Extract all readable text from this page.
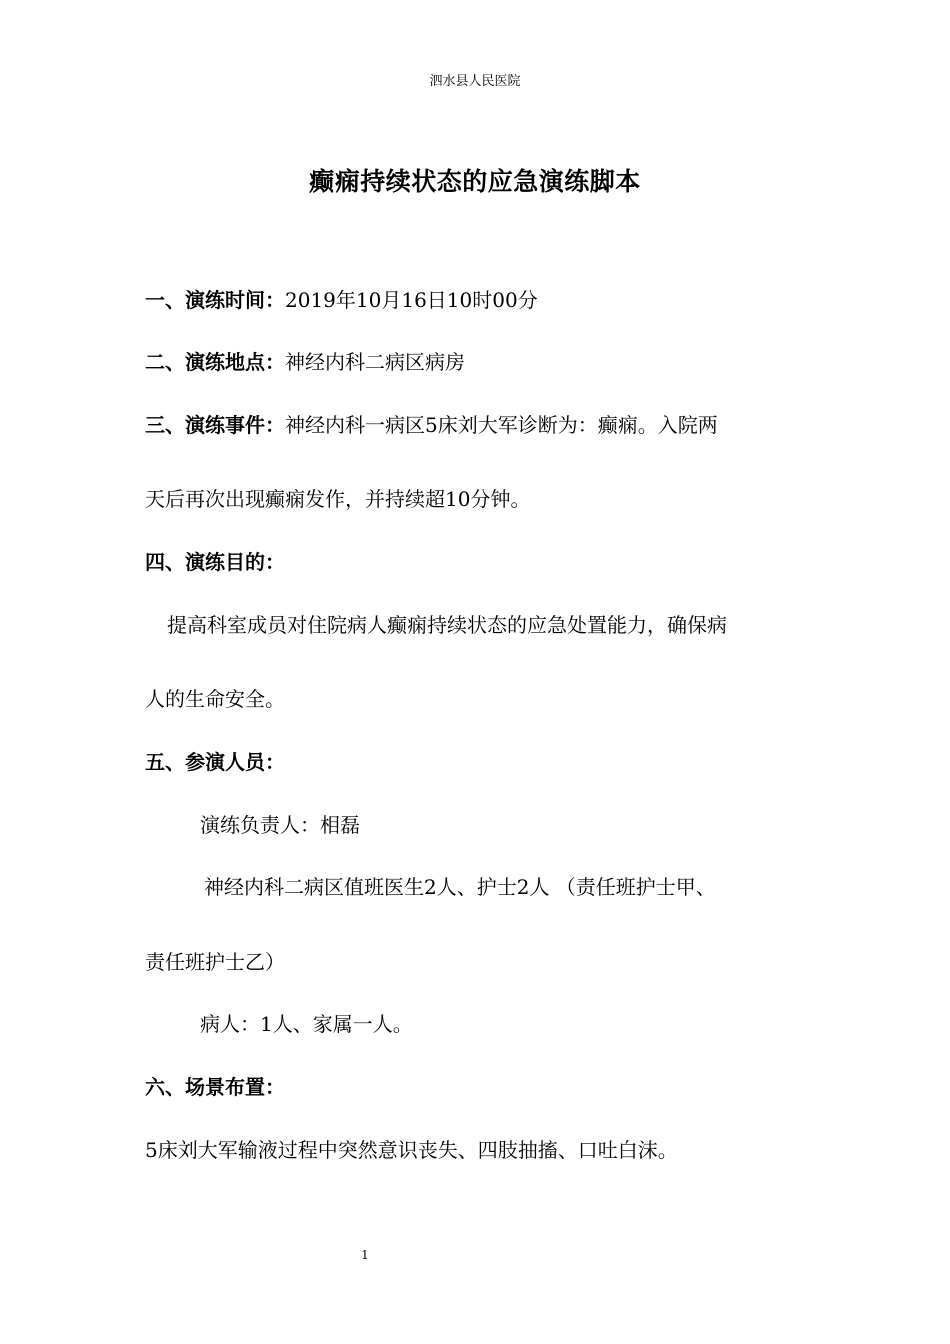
泗水县人民医院
癫痫持续状态的应急演练脚本
一、演练时间：2019年10月16日10时00分
二、演练地点：神经内科二病区病房
三、演练事件：神经内科一病区5床刘大军诊断为：癫痫。入院两
天后再次出现癫痫发作，并持续超10分钟。
四、演练目的：
提高科室成员对住院病人癫痫持续状态的应急处置能力，确保病
人的生命安全。
五、参演人员：
演练负责人：相磊
神经内科二病区值班医生2人、护士2人 （责任班护士甲、
责任班护士乙）
病人：1人、家属一人。
六、场景布置：
5床刘大军输液过程中突然意识丧失、四肢抽搐、口吐白沫。
1
